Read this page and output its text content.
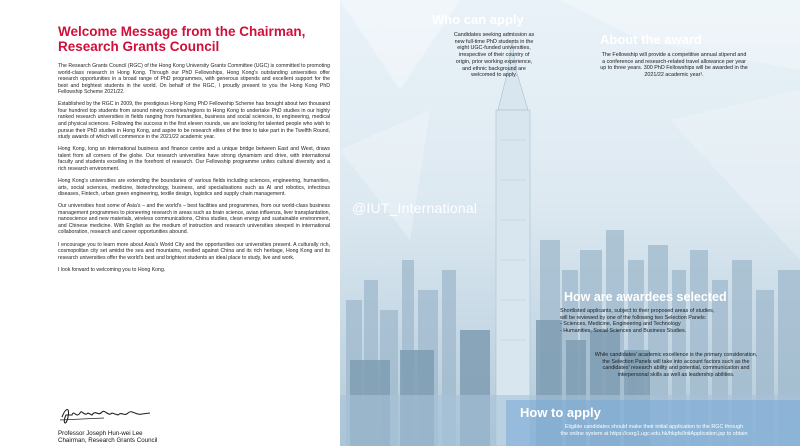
Welcome Message from the Chairman,
Research Grants Council

The Research Grants Council (RGC) of the Hong Kong University Grants Committee (UGC) is committed to promoting world-class research in Hong Kong. Through our PhD Fellowships, Hong Kong's outstanding universities offer research opportunities in a broad range of PhD programmes, with generous stipends and excellent support for the best and brightest students in the world. On behalf of the RGC, I proudly present to you the Hong Kong PhD Fellowship Scheme 2021/22.

Established by the RGC in 2009, the prestigious Hong Kong PhD Fellowship Scheme has brought about two thousand four hundred top students from around ninety countries/regions to Hong Kong to undertake PhD studies in our highly ranked research universities in fields ranging from humanities, business and social sciences, to engineering, medical and physical sciences. Following the success in the first eleven rounds, we are looking for talented people who wish to pursue their PhD studies in Hong Kong, and aspire to be research elites of the time to take part in the Twelfth Round, study awards of which will commence in the 2021/22 academic year.

Hong Kong, long an international business and finance centre and a unique bridge between East and West, draws talent from all corners of the globe. Our research universities have strong dynamism and drive, with international faculty and students excelling in the forefront of research. Our Fellowship programme unites cultural diversity and a rich research environment.

Hong Kong's universities are extending the boundaries of various fields including sciences, engineering, humanities, arts, social sciences, medicine, biotechnology, business, and specialisations such as AI and robotics, infectious diseases, Fintech, urban green engineering, textile design, logistics and supply chain management.

Our universities host some of Asia's – and the world's – best facilities and programmes, from our world-class business management programmes to pioneering research in areas such as brain science, avian influenza, liver transplantation, nanoscience and new materials, wireless communications, China studies, clean energy and sustainable environment, and Chinese medicine. With English as the medium of instruction and research universities steeped in international collaboration, research and career opportunities abound.

I encourage you to learn more about Asia's World City and the opportunities our universities present. A culturally rich, cosmopolitan city set amidst the sea and mountains, nestled against China and its rich heritage, Hong Kong and its research universities offer the world's best and brightest students an ideal place to study, live and work.

I look forward to welcoming you to Hong Kong.

Professor Joseph Hun-wei Lee
Chairman, Research Grants Council
Who can apply
Candidates seeking admission as
new full-time PhD students in the
eight UGC-funded universities,
irrespective of their country of
origin, prior working experience,
and ethnic background are
welcomed to apply.
About the award
The Fellowship will provide a competitive annual stipend and
a conference and research-related travel allowance per year
up to three years. 300 PhD Fellowships will be awarded in the
2021/22 academic year¹.
@IUT_International
How are awardees selected
Shortlisted applicants, subject to their proposed areas of studies,
will be reviewed by one of the following two Selection Panels:
- Sciences, Medicine, Engineering and Technology
- Humanities, Social Sciences and Business Studies.
While candidates' academic excellence is the primary consideration,
the Selection Panels will take into account factors such as the
candidates' research ability and potential, communication and
interpersonal skills as well as leadership abilities.
How to apply
Eligible candidates should make their initial application to the RGC through
the online system at https://cerg1.ugc.edu.hk/hkpfs/InitApplication.jsp to obtain
